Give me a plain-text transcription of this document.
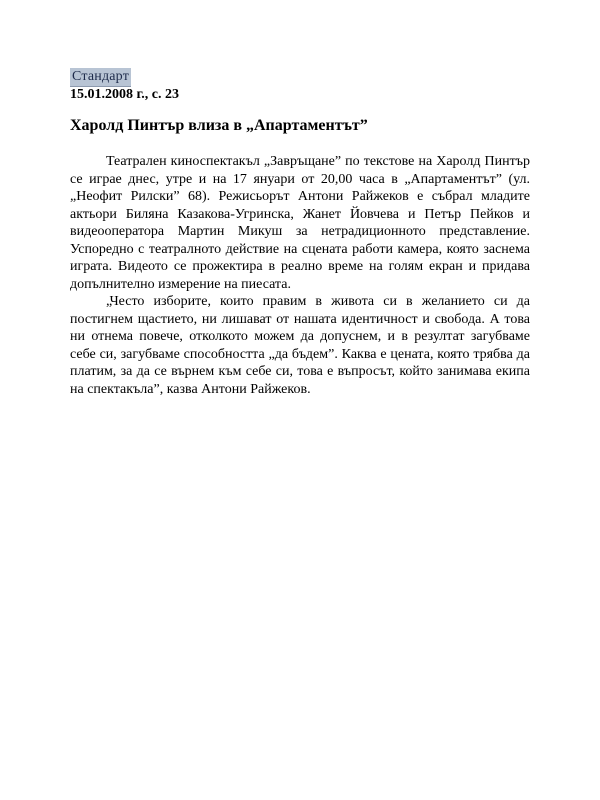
Стандарт
15.01.2008 г., с. 23
Харолд Пинтър влиза в „Апартаментът”

Театрален киноспектакъл „Завръщане” по текстове на Харолд Пинтър се играе днес, утре и на 17 януари от 20,00 часа в „Апартаментът” (ул. „Неофит Рилски” 68). Режисьорът Антони Райжеков е събрал младите актьори Биляна Казакова-Угринска, Жанет Йовчева и Петър Пейков и видеооператора Мартин Микуш за нетрадиционното представление. Успоредно с театралното действие на сцената работи камера, която заснема играта. Видеото се прожектира в реално време на голям екран и придава допълнително измерение на пиесата.

„Често изборите, които правим в живота си в желанието си да постигнем щастието, ни лишават от нашата идентичност и свобода. А това ни отнема повече, отколкото можем да допуснем, и в резултат загубваме себе си, загубваме способността „да бъдем”. Каква е цената, която трябва да платим, за да се върнем към себе си, това е въпросът, който занимава екипа на спектакъла”, казва Антони Райжеков.
